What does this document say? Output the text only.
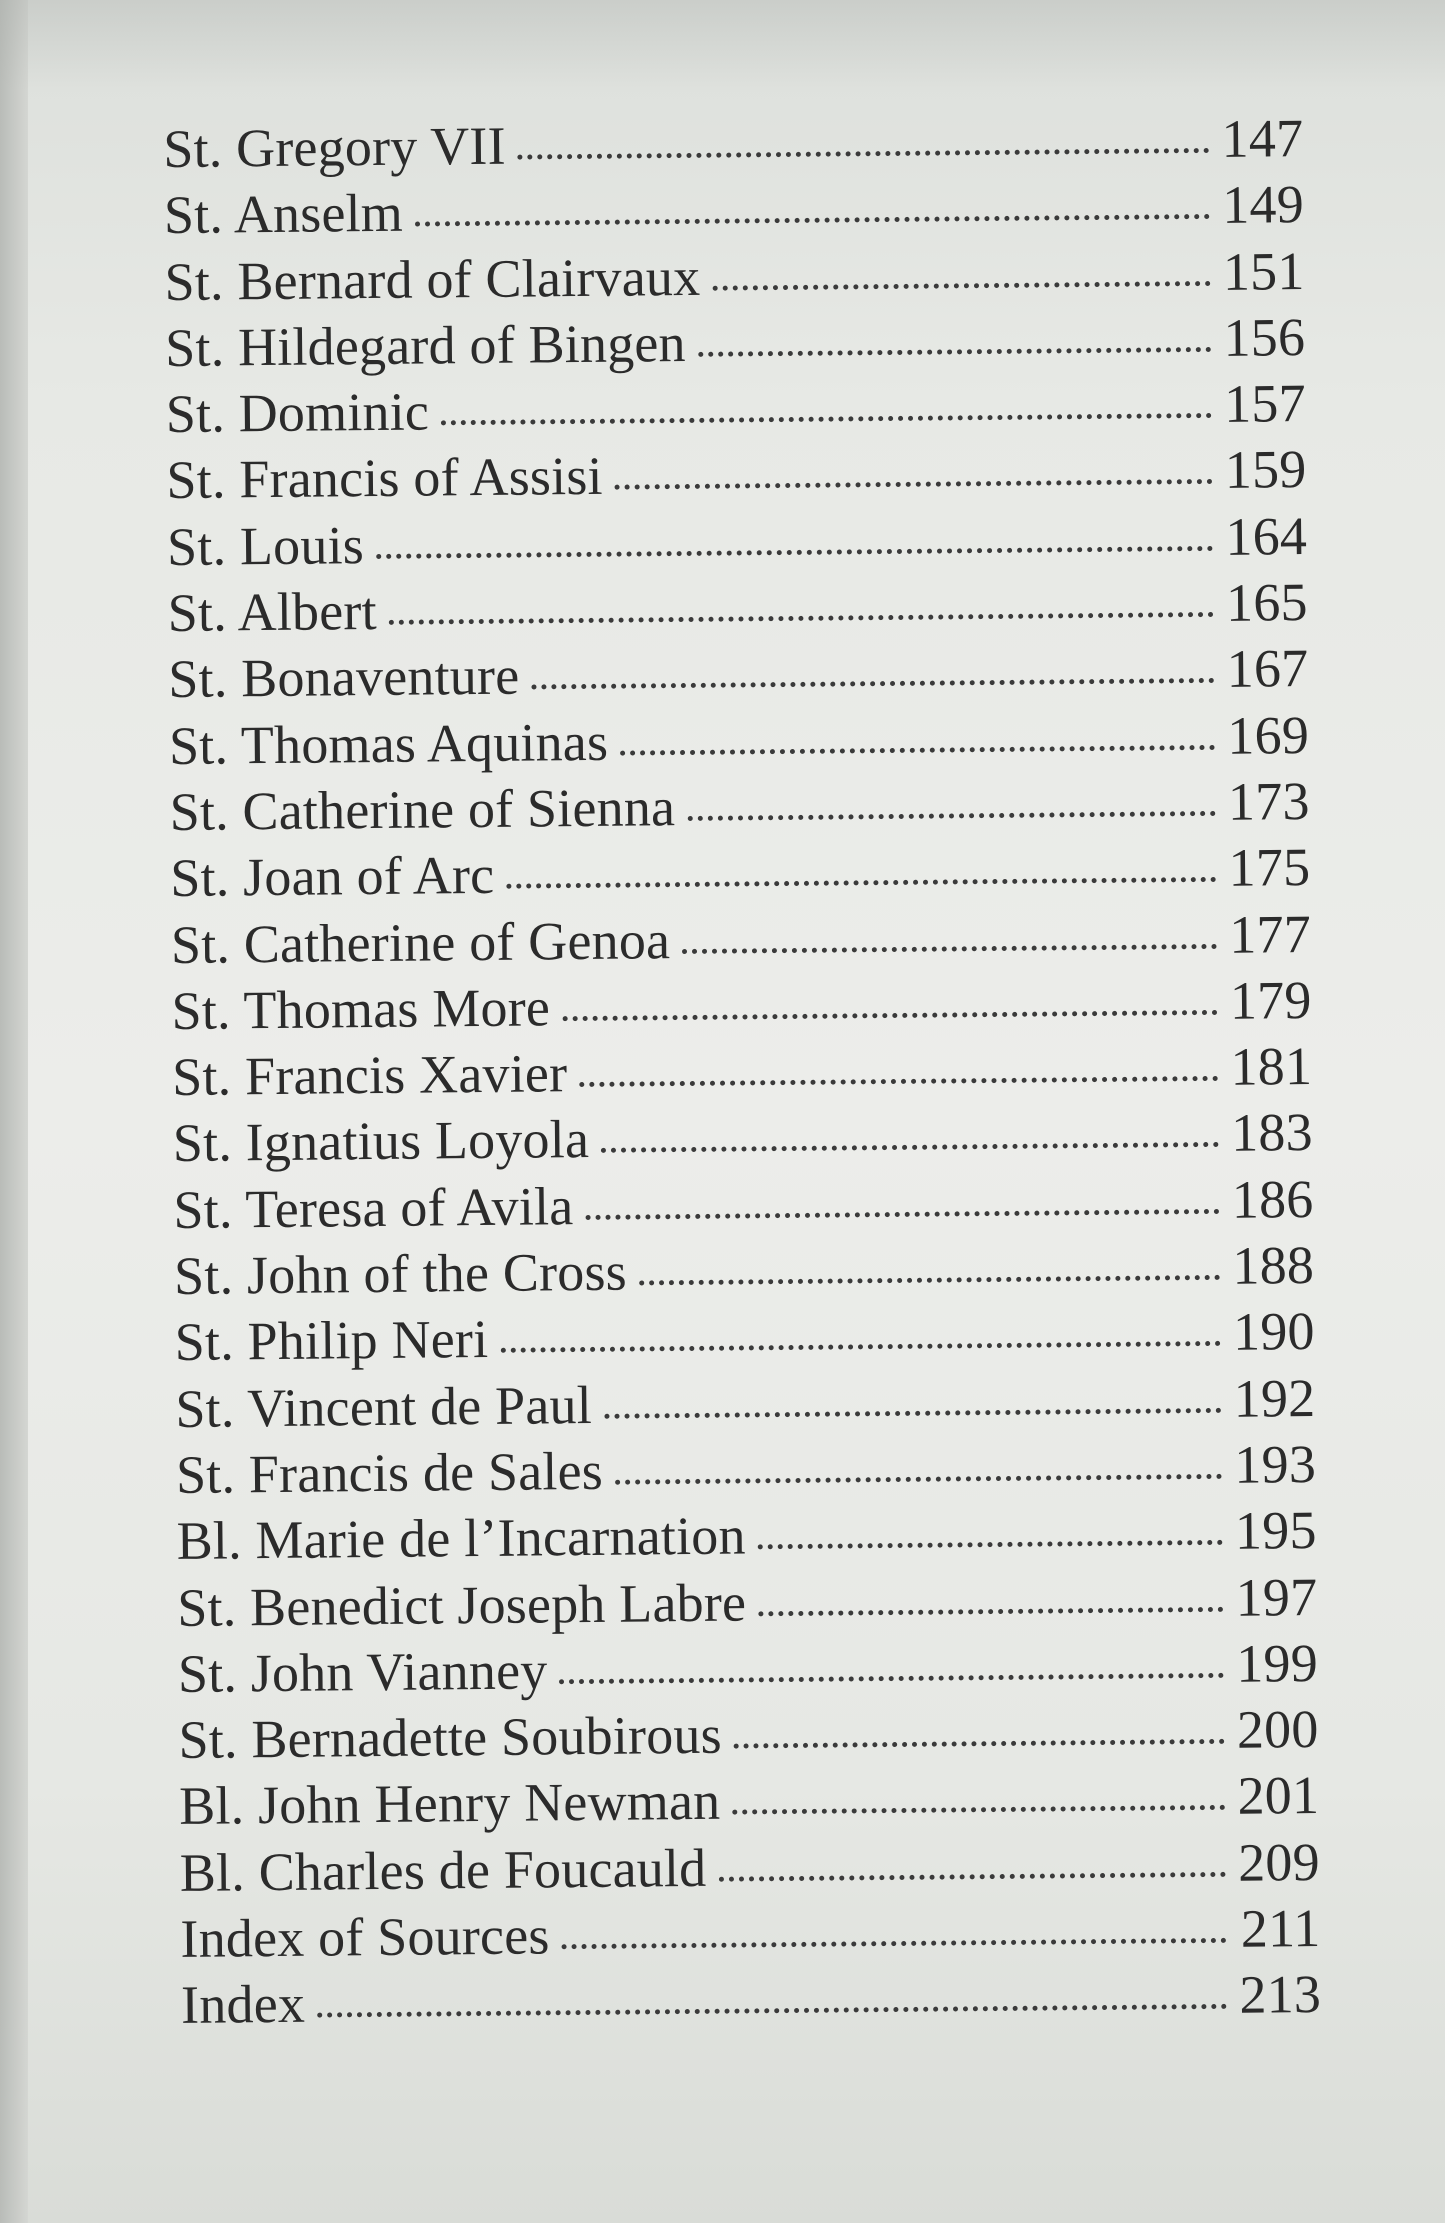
St. Gregory VII	147
St. Anselm	149
St. Bernard of Clairvaux	151
St. Hildegard of Bingen	156
St. Dominic	157
St. Francis of Assisi	159
St. Louis	164
St. Albert	165
St. Bonaventure	167
St. Thomas Aquinas	169
St. Catherine of Sienna	173
St. Joan of Arc	175
St. Catherine of Genoa	177
St. Thomas More	179
St. Francis Xavier	181
St. Ignatius Loyola	183
St. Teresa of Avila	186
St. John of the Cross	188
St. Philip Neri	190
St. Vincent de Paul	192
St. Francis de Sales	193
Bl. Marie de l’Incarnation	195
St. Benedict Joseph Labre	197
St. John Vianney	199
St. Bernadette Soubirous	200
Bl. John Henry Newman	201
Bl. Charles de Foucauld	209
Index of Sources	211
Index	213
